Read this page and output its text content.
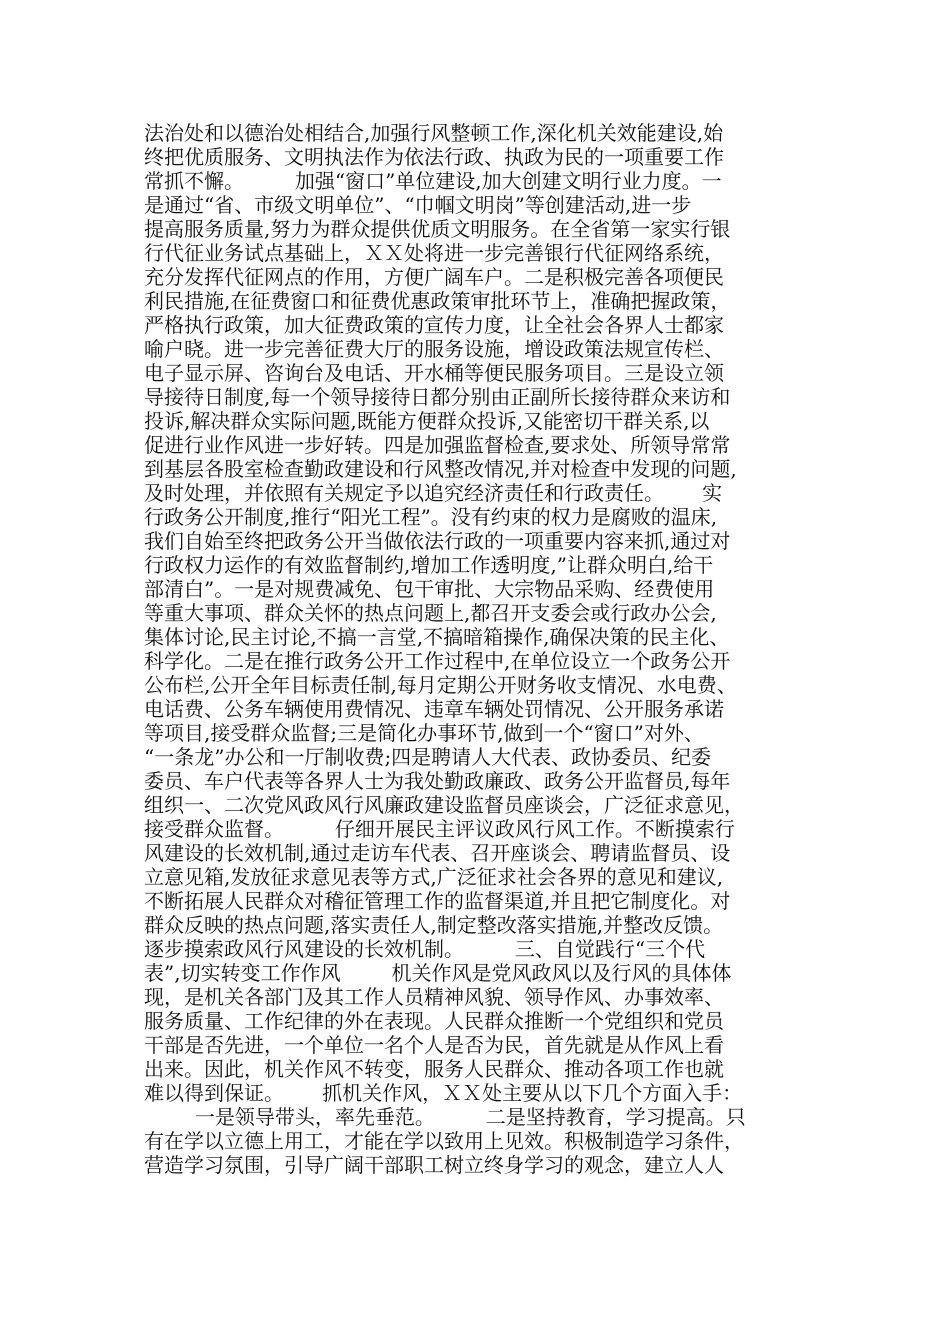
法治处和以德治处相结合,加强行风整顿工作,深化机关效能建设,始
终把优质服务、文明执法作为依法行政、执政为民的一项重要工作
常抓不懈。        加强“窗口”单位建设,加大创建文明行业力度。一
是通过“省、市级文明单位”、“巾帼文明岗”等创建活动,进一步
提高服务质量,努力为群众提供优质文明服务。在全省第一家实行银
行代征业务试点基础上，ＸＸ处将进一步完善银行代征网络系统，
充分发挥代征网点的作用，方便广阔车户。二是积极完善各项便民
利民措施,在征费窗口和征费优惠政策审批环节上，准确把握政策，
严格执行政策，加大征费政策的宣传力度，让全社会各界人士都家
喻户晓。进一步完善征费大厅的服务设施，增设政策法规宣传栏、
电子显示屏、咨询台及电话、开水桶等便民服务项目。三是设立领
导接待日制度,每一个领导接待日都分别由正副所长接待群众来访和
投诉,解决群众实际问题,既能方便群众投诉,又能密切干群关系,以
促进行业作风进一步好转。四是加强监督检查,要求处、所领导常常
到基层各股室检查勤政建设和行风整改情况,并对检查中发现的问题,
及时处理，并依照有关规定予以追究经济责任和行政责任。      实
行政务公开制度,推行“阳光工程”。没有约束的权力是腐败的温床,
我们自始至终把政务公开当做依法行政的一项重要内容来抓,通过对
行政权力运作的有效监督制约,增加工作透明度,”让群众明白,给干
部清白”。一是对规费减免、包干审批、大宗物品采购、经费使用
等重大事项、群众关怀的热点问题上,都召开支委会或行政办公会,
集体讨论,民主讨论,不搞一言堂,不搞暗箱操作,确保决策的民主化、
科学化。二是在推行政务公开工作过程中,在单位设立一个政务公开
公布栏,公开全年目标责任制,每月定期公开财务收支情况、水电费、
电话费、公务车辆使用费情况、违章车辆处罚情况、公开服务承诺
等项目,接受群众监督;三是简化办事环节,做到一个“窗口”对外、
“一条龙”办公和一厅制收费;四是聘请人大代表、政协委员、纪委
委员、车户代表等各界人士为我处勤政廉政、政务公开监督员,每年
组织一、二次党风政风行风廉政建设监督员座谈会，广泛征求意见，
接受群众监督。        仔细开展民主评议政风行风工作。不断摸索行
风建设的长效机制,通过走访车代表、召开座谈会、聘请监督员、设
立意见箱,发放征求意见表等方式,广泛征求社会各界的意见和建议,
不断拓展人民群众对稽征管理工作的监督渠道,并且把它制度化。对
群众反映的热点问题,落实责任人,制定整改落实措施,并整改反馈。
逐步摸索政风行风建设的长效机制。        三、自觉践行“三个代
表”,切实转变工作作风        机关作风是党风政风以及行风的具体体
现，是机关各部门及其工作人员精神风貌、领导作风、办事效率、
服务质量、工作纪律的外在表现。人民群众推断一个党组织和党员
干部是否先进，一个单位一名个人是否为民，首先就是从作风上看
出来。因此，机关作风不转变，服务人民群众、推动各项工作也就
难以得到保证。      抓机关作风，ＸＸ处主要从以下几个方面入手：
一是领导带头，率先垂范。        二是坚持教育，学习提高。只
有在学以立德上用工，才能在学以致用上见效。积极制造学习条件，
营造学习氛围，引导广阔干部职工树立终身学习的观念，建立人人
